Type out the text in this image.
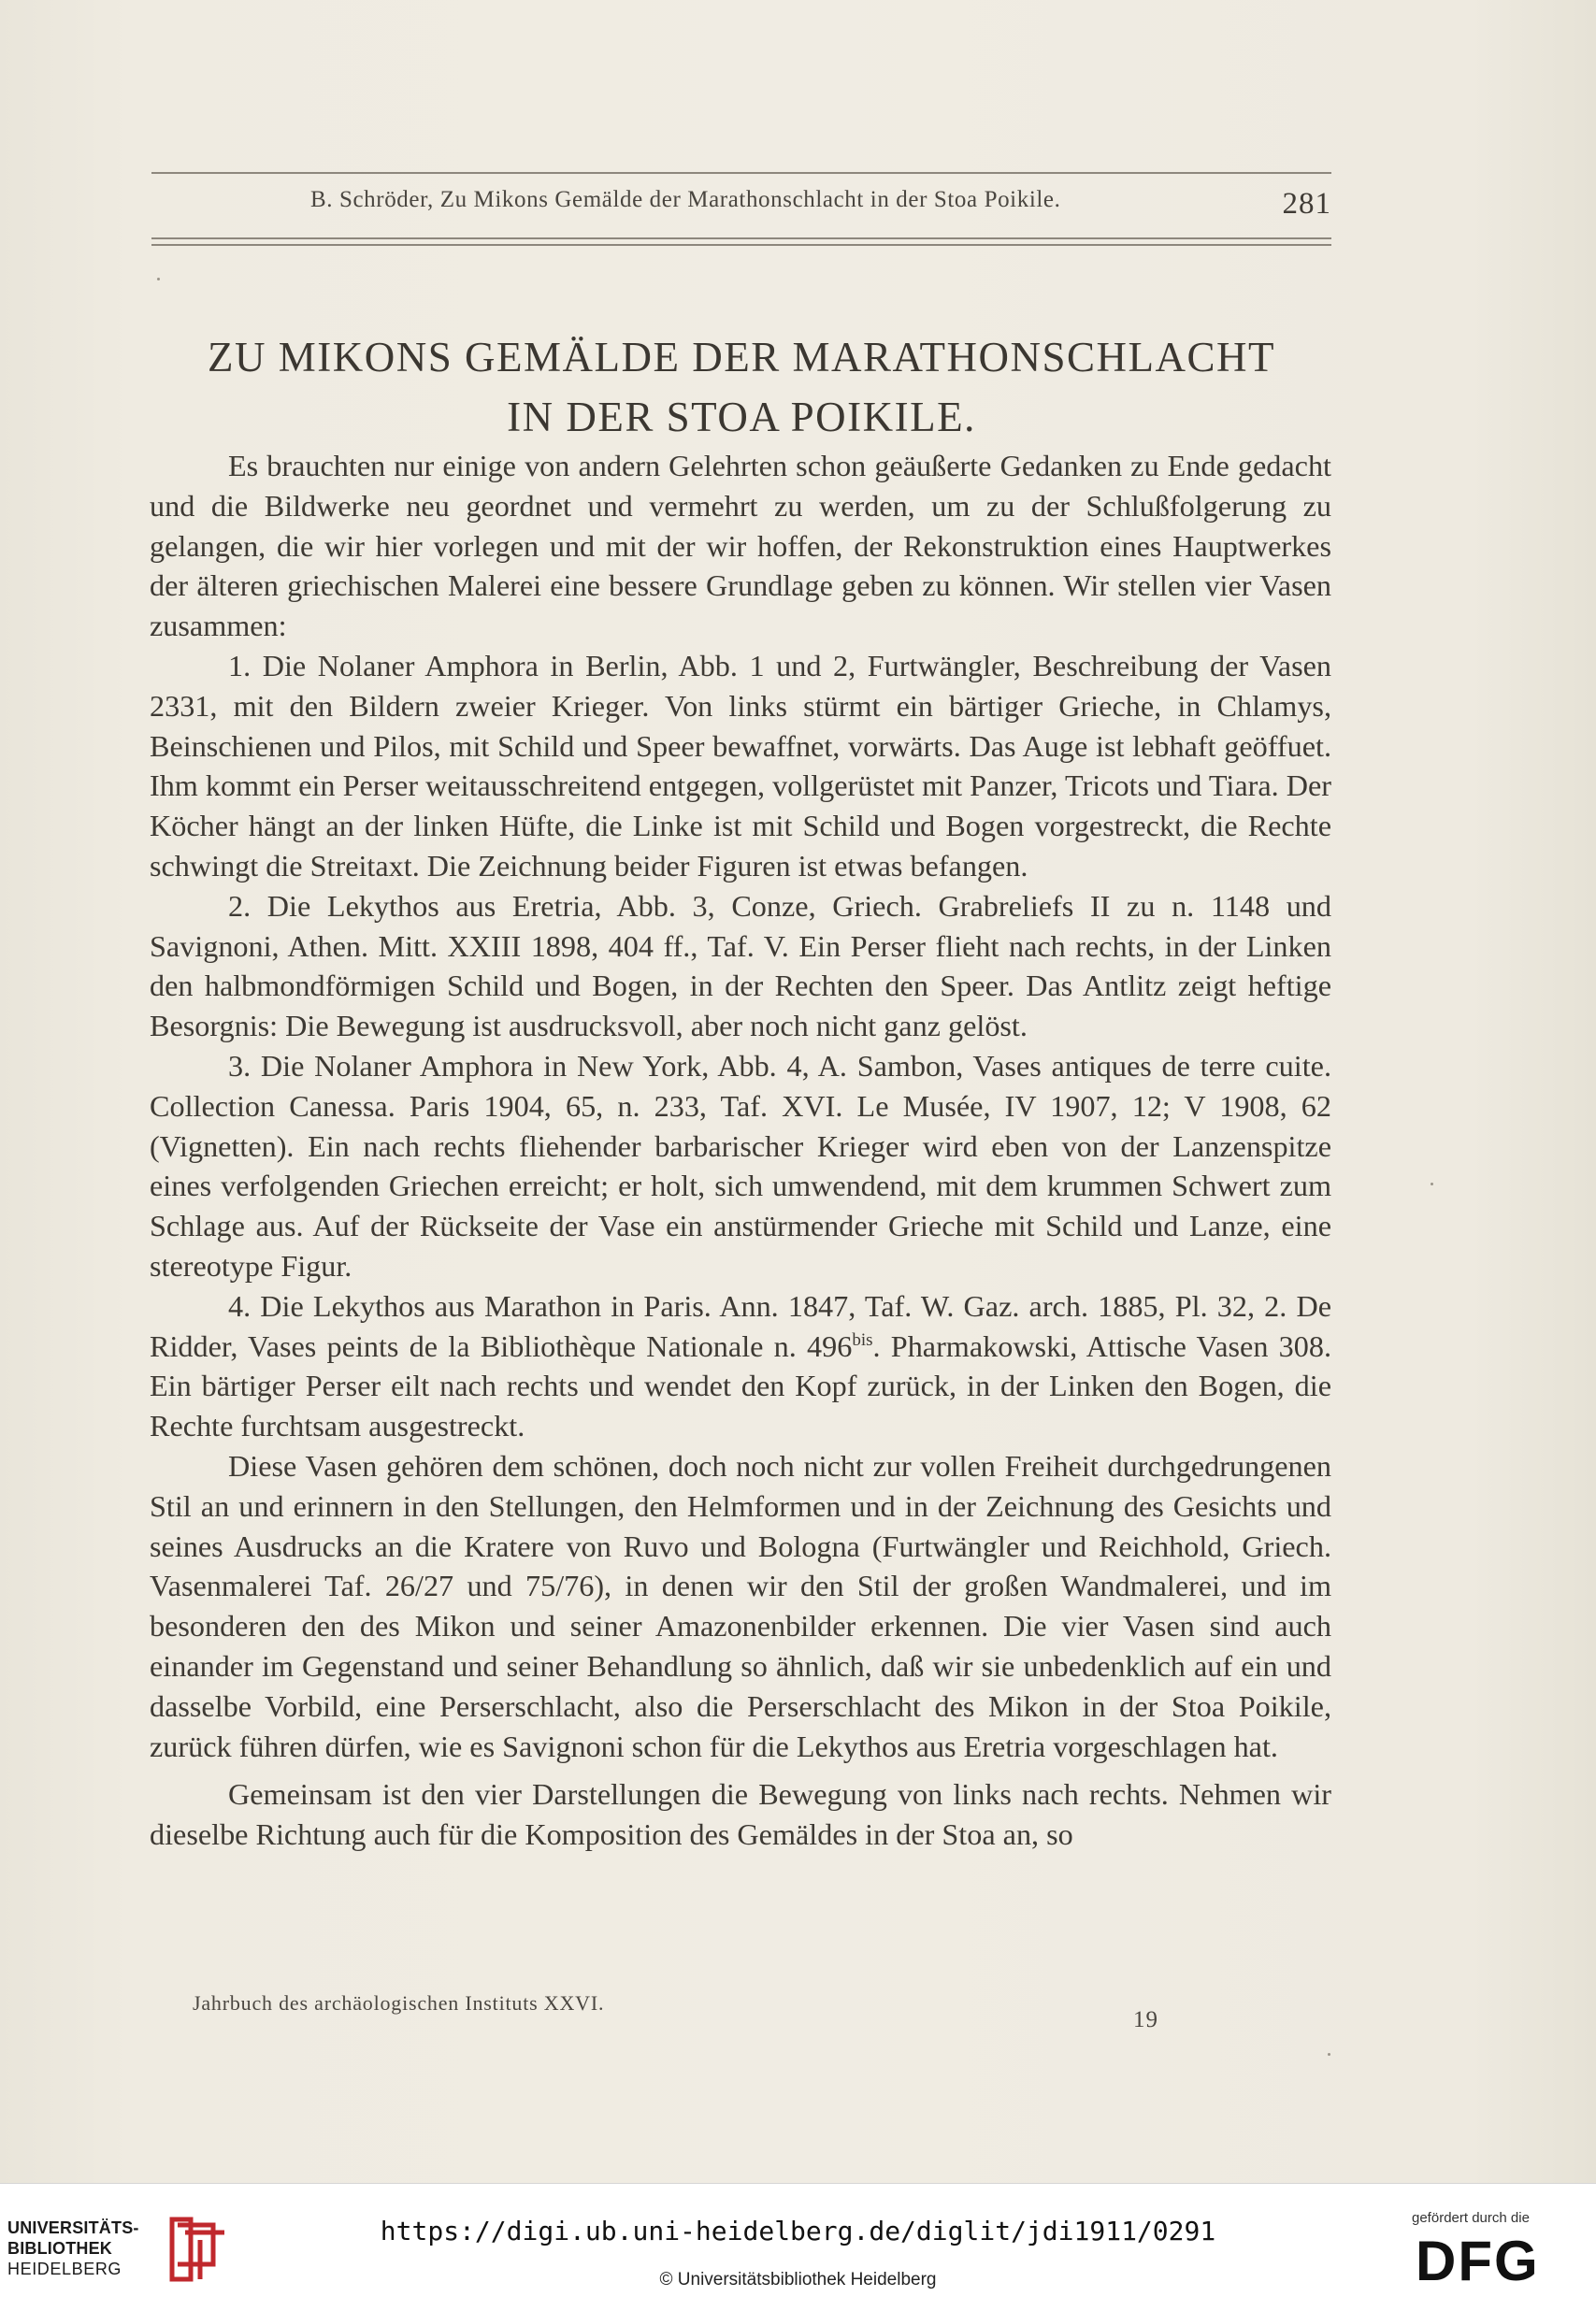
B. Schröder, Zu Mikons Gemälde der Marathonschlacht in der Stoa Poikile.	281
ZU MIKONS GEMÄLDE DER MARATHONSCHLACHT
IN DER STOA POIKILE.

Es brauchten nur einige von andern Gelehrten schon geäußerte Gedanken zu Ende gedacht und die Bildwerke neu geordnet und vermehrt zu werden, um zu der Schlußfolgerung zu gelangen, die wir hier vorlegen und mit der wir hoffen, der Rekonstruktion eines Hauptwerkes der älteren griechischen Malerei eine bessere Grundlage geben zu können. Wir stellen vier Vasen zusammen:

1. Die Nolaner Amphora in Berlin, Abb. 1 und 2, Furtwängler, Beschreibung der Vasen 2331, mit den Bildern zweier Krieger. Von links stürmt ein bärtiger Grieche, in Chlamys, Beinschienen und Pilos, mit Schild und Speer bewaffnet, vorwärts. Das Auge ist lebhaft geöffuet. Ihm kommt ein Perser weitausschreitend entgegen, vollgerüstet mit Panzer, Tricots und Tiara. Der Köcher hängt an der linken Hüfte, die Linke ist mit Schild und Bogen vorgestreckt, die Rechte schwingt die Streitaxt. Die Zeichnung beider Figuren ist etwas befangen.

2. Die Lekythos aus Eretria, Abb. 3, Conze, Griech. Grabreliefs II zu n. 1148 und Savignoni, Athen. Mitt. XXIII 1898, 404 ff., Taf. V. Ein Perser flieht nach rechts, in der Linken den halbmondförmigen Schild und Bogen, in der Rechten den Speer. Das Antlitz zeigt heftige Besorgnis: Die Bewegung ist ausdrucksvoll, aber noch nicht ganz gelöst.

3. Die Nolaner Amphora in New York, Abb. 4, A. Sambon, Vases antiques de terre cuite. Collection Canessa. Paris 1904, 65, n. 233, Taf. XVI. Le Musée, IV 1907, 12; V 1908, 62 (Vignetten). Ein nach rechts fliehender barbarischer Krieger wird eben von der Lanzenspitze eines verfolgenden Griechen erreicht; er holt, sich umwendend, mit dem krummen Schwert zum Schlage aus. Auf der Rückseite der Vase ein anstürmender Grieche mit Schild und Lanze, eine stereotype Figur.

4. Die Lekythos aus Marathon in Paris. Ann. 1847, Taf. W. Gaz. arch. 1885, Pl. 32, 2. De Ridder, Vases peints de la Bibliothèque Nationale n. $496^{bis}$. Pharmakowski, Attische Vasen 308. Ein bärtiger Perser eilt nach rechts und wendet den Kopf zurück, in der Linken den Bogen, die Rechte furchtsam ausgestreckt.

Diese Vasen gehören dem schönen, doch noch nicht zur vollen Freiheit durchgedrungenen Stil an und erinnern in den Stellungen, den Helmformen und in der Zeichnung des Gesichts und seines Ausdrucks an die Kratere von Ruvo und Bologna (Furtwängler und Reichhold, Griech. Vasenmalerei Taf. 26/27 und 75/76), in denen wir den Stil der großen Wandmalerei, und im besonderen den des Mikon und seiner Amazonenbilder erkennen. Die vier Vasen sind auch einander im Gegenstand und seiner Behandlung so ähnlich, daß wir sie unbedenklich auf ein und dasselbe Vorbild, eine Perserschlacht, also die Perserschlacht des Mikon in der Stoa Poikile, zurück führen dürfen, wie es Savignoni schon für die Lekythos aus Eretria vorgeschlagen hat.

Gemeinsam ist den vier Darstellungen die Bewegung von links nach rechts. Nehmen wir dieselbe Richtung auch für die Komposition des Gemäldes in der Stoa an, so

Jahrbuch des archäologischen Instituts XXVI.
19
UNIVERSITÄTS-
BIBLIOTHEK
HEIDELBERG
https://digi.ub.uni-heidelberg.de/diglit/jdi1911/0291
© Universitätsbibliothek Heidelberg
gefördert durch die
DFG
